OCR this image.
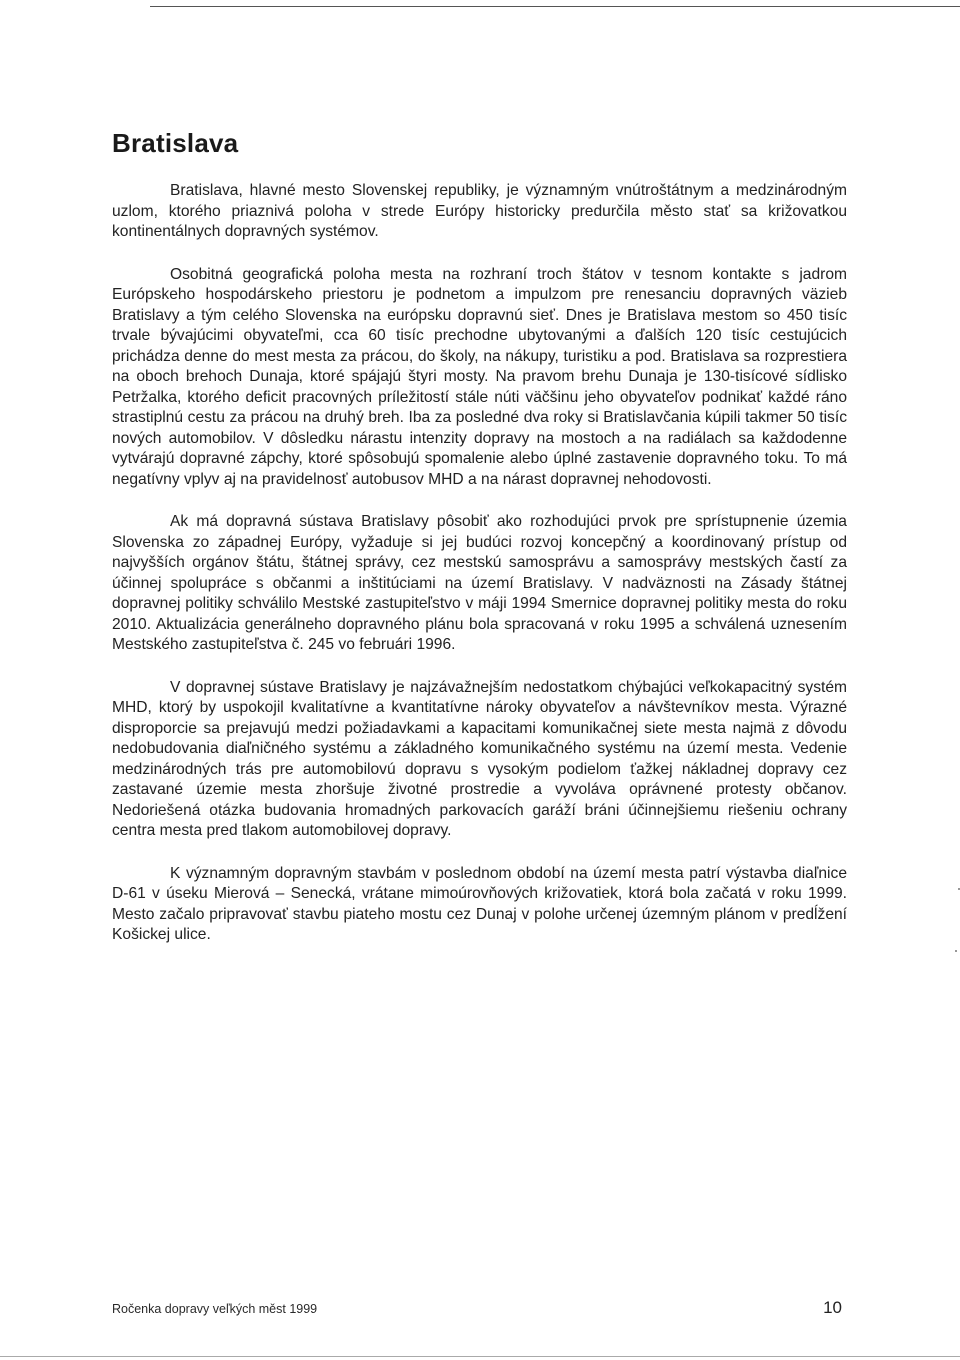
Bratislava

Bratislava, hlavné mesto Slovenskej republiky, je významným vnútroštátnym a medzinárodným uzlom, ktorého priaznivá poloha v strede Európy historicky predurčila město stať sa križovatkou kontinentálnych dopravných systémov.

Osobitná geografická poloha mesta na rozhraní troch štátov v tesnom kontakte s jadrom Európskeho hospodárskeho priestoru je podnetom a impulzom pre renesanciu dopravných väzieb Bratislavy a tým celého Slovenska na európsku dopravnú sieť. Dnes je Bratislava mestom so 450 tisíc trvale bývajúcimi obyvateľmi, cca 60 tisíc prechodne ubytovanými a ďalších 120 tisíc cestujúcich prichádza denne do mest mesta za prácou, do školy, na nákupy, turistiku a pod. Bratislava sa rozprestiera na oboch brehoch Dunaja, ktoré spájajú štyri mosty. Na pravom brehu Dunaja je 130-tisícové sídlisko Petržalka, ktorého deficit pracovných príležitostí stále núti väčšinu jeho obyvateľov podnikať každé ráno strastiplnú cestu za prácou na druhý breh. Iba za posledné dva roky si Bratislavčania kúpili takmer 50 tisíc nových automobilov. V dôsledku nárastu intenzity dopravy na mostoch a na radiálach sa každodenne vytvárajú dopravné zápchy, ktoré spôsobujú spomalenie alebo úplné zastavenie dopravného toku. To má negatívny vplyv aj na pravidelnosť autobusov MHD a na nárast dopravnej nehodovosti.

Ak má dopravná sústava Bratislavy pôsobiť ako rozhodujúci prvok pre sprístupnenie územia Slovenska zo západnej Európy, vyžaduje si jej budúci rozvoj koncepčný a koordinovaný prístup od najvyšších orgánov štátu, štátnej správy, cez mestskú samosprávu a samosprávy mestských častí za účinnej spolupráce s občanmi a inštitúciami na území Bratislavy. V nadväznosti na Zásady štátnej dopravnej politiky schválilo Mestské zastupiteľstvo v máji 1994 Smernice dopravnej politiky mesta do roku 2010. Aktualizácia generálneho dopravného plánu bola spracovaná v roku 1995 a schválená uznesením Mestského zastupiteľstva č. 245 vo februári 1996.

V dopravnej sústave Bratislavy je najzávažnejším nedostatkom chýbajúci veľkokapacitný systém MHD, ktorý by uspokojil kvalitatívne a kvantitatívne nároky obyvateľov a návštevníkov mesta. Výrazné disproporcie sa prejavujú medzi požiadavkami a kapacitami komunikačnej siete mesta najmä z dôvodu nedobudovania diaľničného systému a základného komunikačného systému na území mesta. Vedenie medzinárodných trás pre automobilovú dopravu s vysokým podielom ťažkej nákladnej dopravy cez zastavané územie mesta zhoršuje životné prostredie a vyvoláva oprávnené protesty občanov. Nedoriešená otázka budovania hromadných parkovacích garáží bráni účinnejšiemu riešeniu ochrany centra mesta pred tlakom automobilovej dopravy.

K významným dopravným stavbám v poslednom období na území mesta patrí výstavba diaľnice D-61 v úseku Mierová – Senecká, vrátane mimoúrovňových križovatiek, ktorá bola začatá v roku 1999. Mesto začalo pripravovať stavbu piateho mostu cez Dunaj v polohe určenej územným plánom v predĺžení Košickej ulice.

Ročenka dopravy veľkých měst 1999	10
